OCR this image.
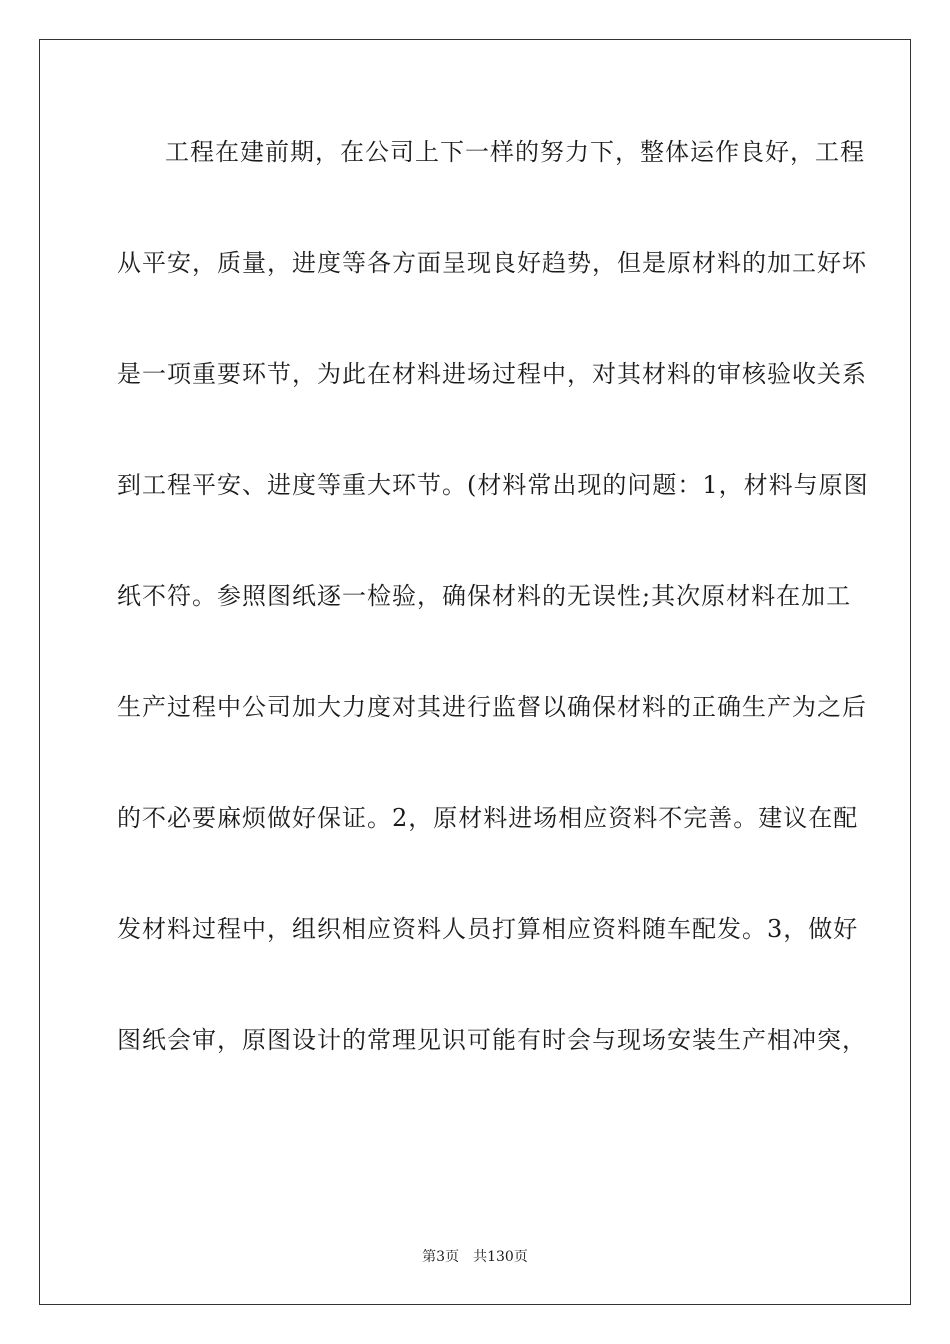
工程在建前期，在公司上下一样的努力下，整体运作良好，工程
从平安，质量，进度等各方面呈现良好趋势，但是原材料的加工好坏
是一项重要环节，为此在材料进场过程中，对其材料的审核验收关系
到工程平安、进度等重大环节。(材料常出现的问题：1，材料与原图
纸不符。参照图纸逐一检验，确保材料的无误性;其次原材料在加工
生产过程中公司加大力度对其进行监督以确保材料的正确生产为之后
的不必要麻烦做好保证。2，原材料进场相应资料不完善。建议在配
发材料过程中，组织相应资料人员打算相应资料随车配发。3，做好
图纸会审，原图设计的常理见识可能有时会与现场安装生产相冲突，
第3页 共130页
